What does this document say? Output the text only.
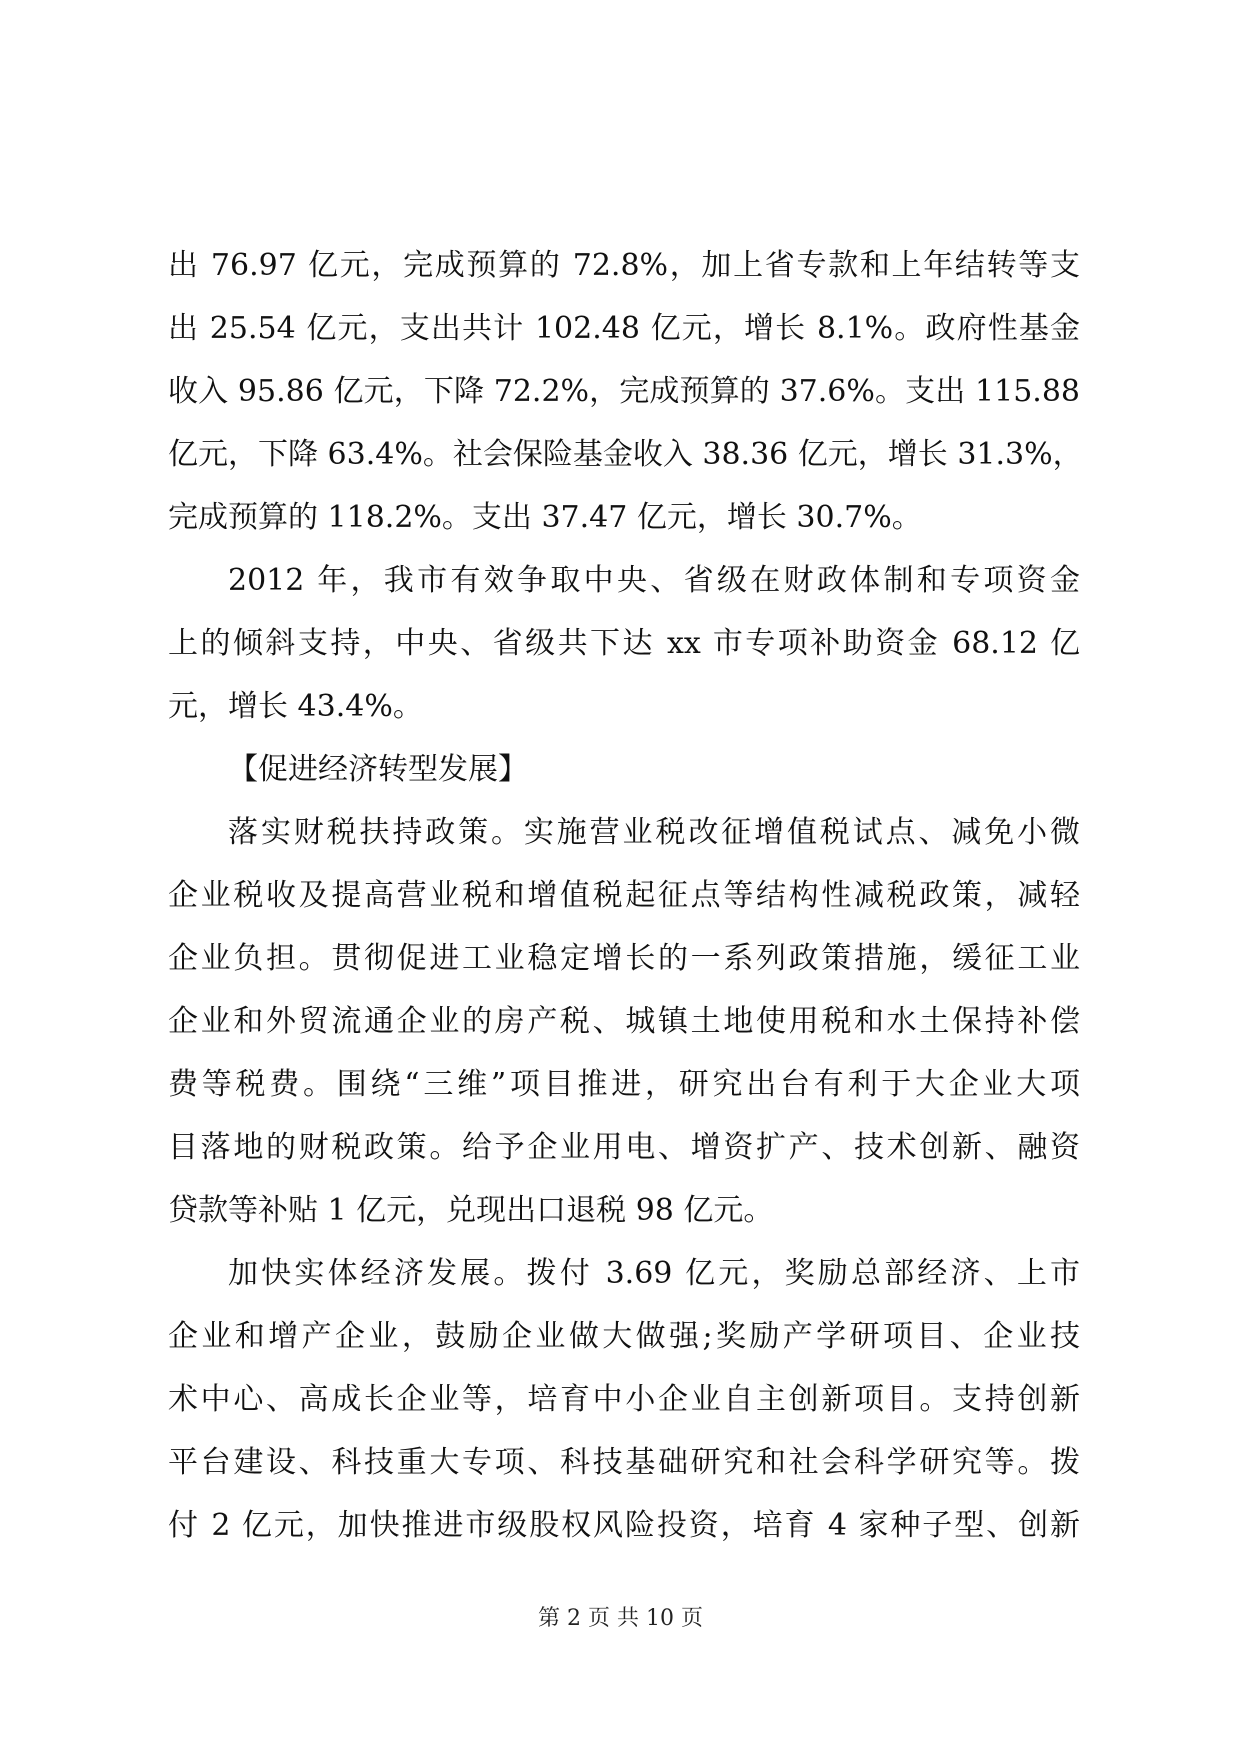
出 76.97 亿元，完成预算的 72.8%，加上省专款和上年结转等支
出 25.54 亿元，支出共计 102.48 亿元，增长 8.1%。政府性基金
收入 95.86 亿元，下降 72.2%，完成预算的 37.6%。支出 115.88
亿元，下降 63.4%。社会保险基金收入 38.36 亿元，增长 31.3%，
完成预算的 118.2%。支出 37.47 亿元，增长 30.7%。
2012 年，我市有效争取中央、省级在财政体制和专项资金
上的倾斜支持，中央、省级共下达 xx 市专项补助资金 68.12 亿
元，增长 43.4%。
【促进经济转型发展】
落实财税扶持政策。实施营业税改征增值税试点、减免小微
企业税收及提高营业税和增值税起征点等结构性减税政策，减轻
企业负担。贯彻促进工业稳定增长的一系列政策措施，缓征工业
企业和外贸流通企业的房产税、城镇土地使用税和水土保持补偿
费等税费。围绕“三维”项目推进，研究出台有利于大企业大项
目落地的财税政策。给予企业用电、增资扩产、技术创新、融资
贷款等补贴 1 亿元，兑现出口退税 98 亿元。
加快实体经济发展。拨付 3.69 亿元，奖励总部经济、上市
企业和增产企业，鼓励企业做大做强;奖励产学研项目、企业技
术中心、高成长企业等，培育中小企业自主创新项目。支持创新
平台建设、科技重大专项、科技基础研究和社会科学研究等。拨
付 2 亿元，加快推进市级股权风险投资，培育 4 家种子型、创新
第 2 页 共 10 页
